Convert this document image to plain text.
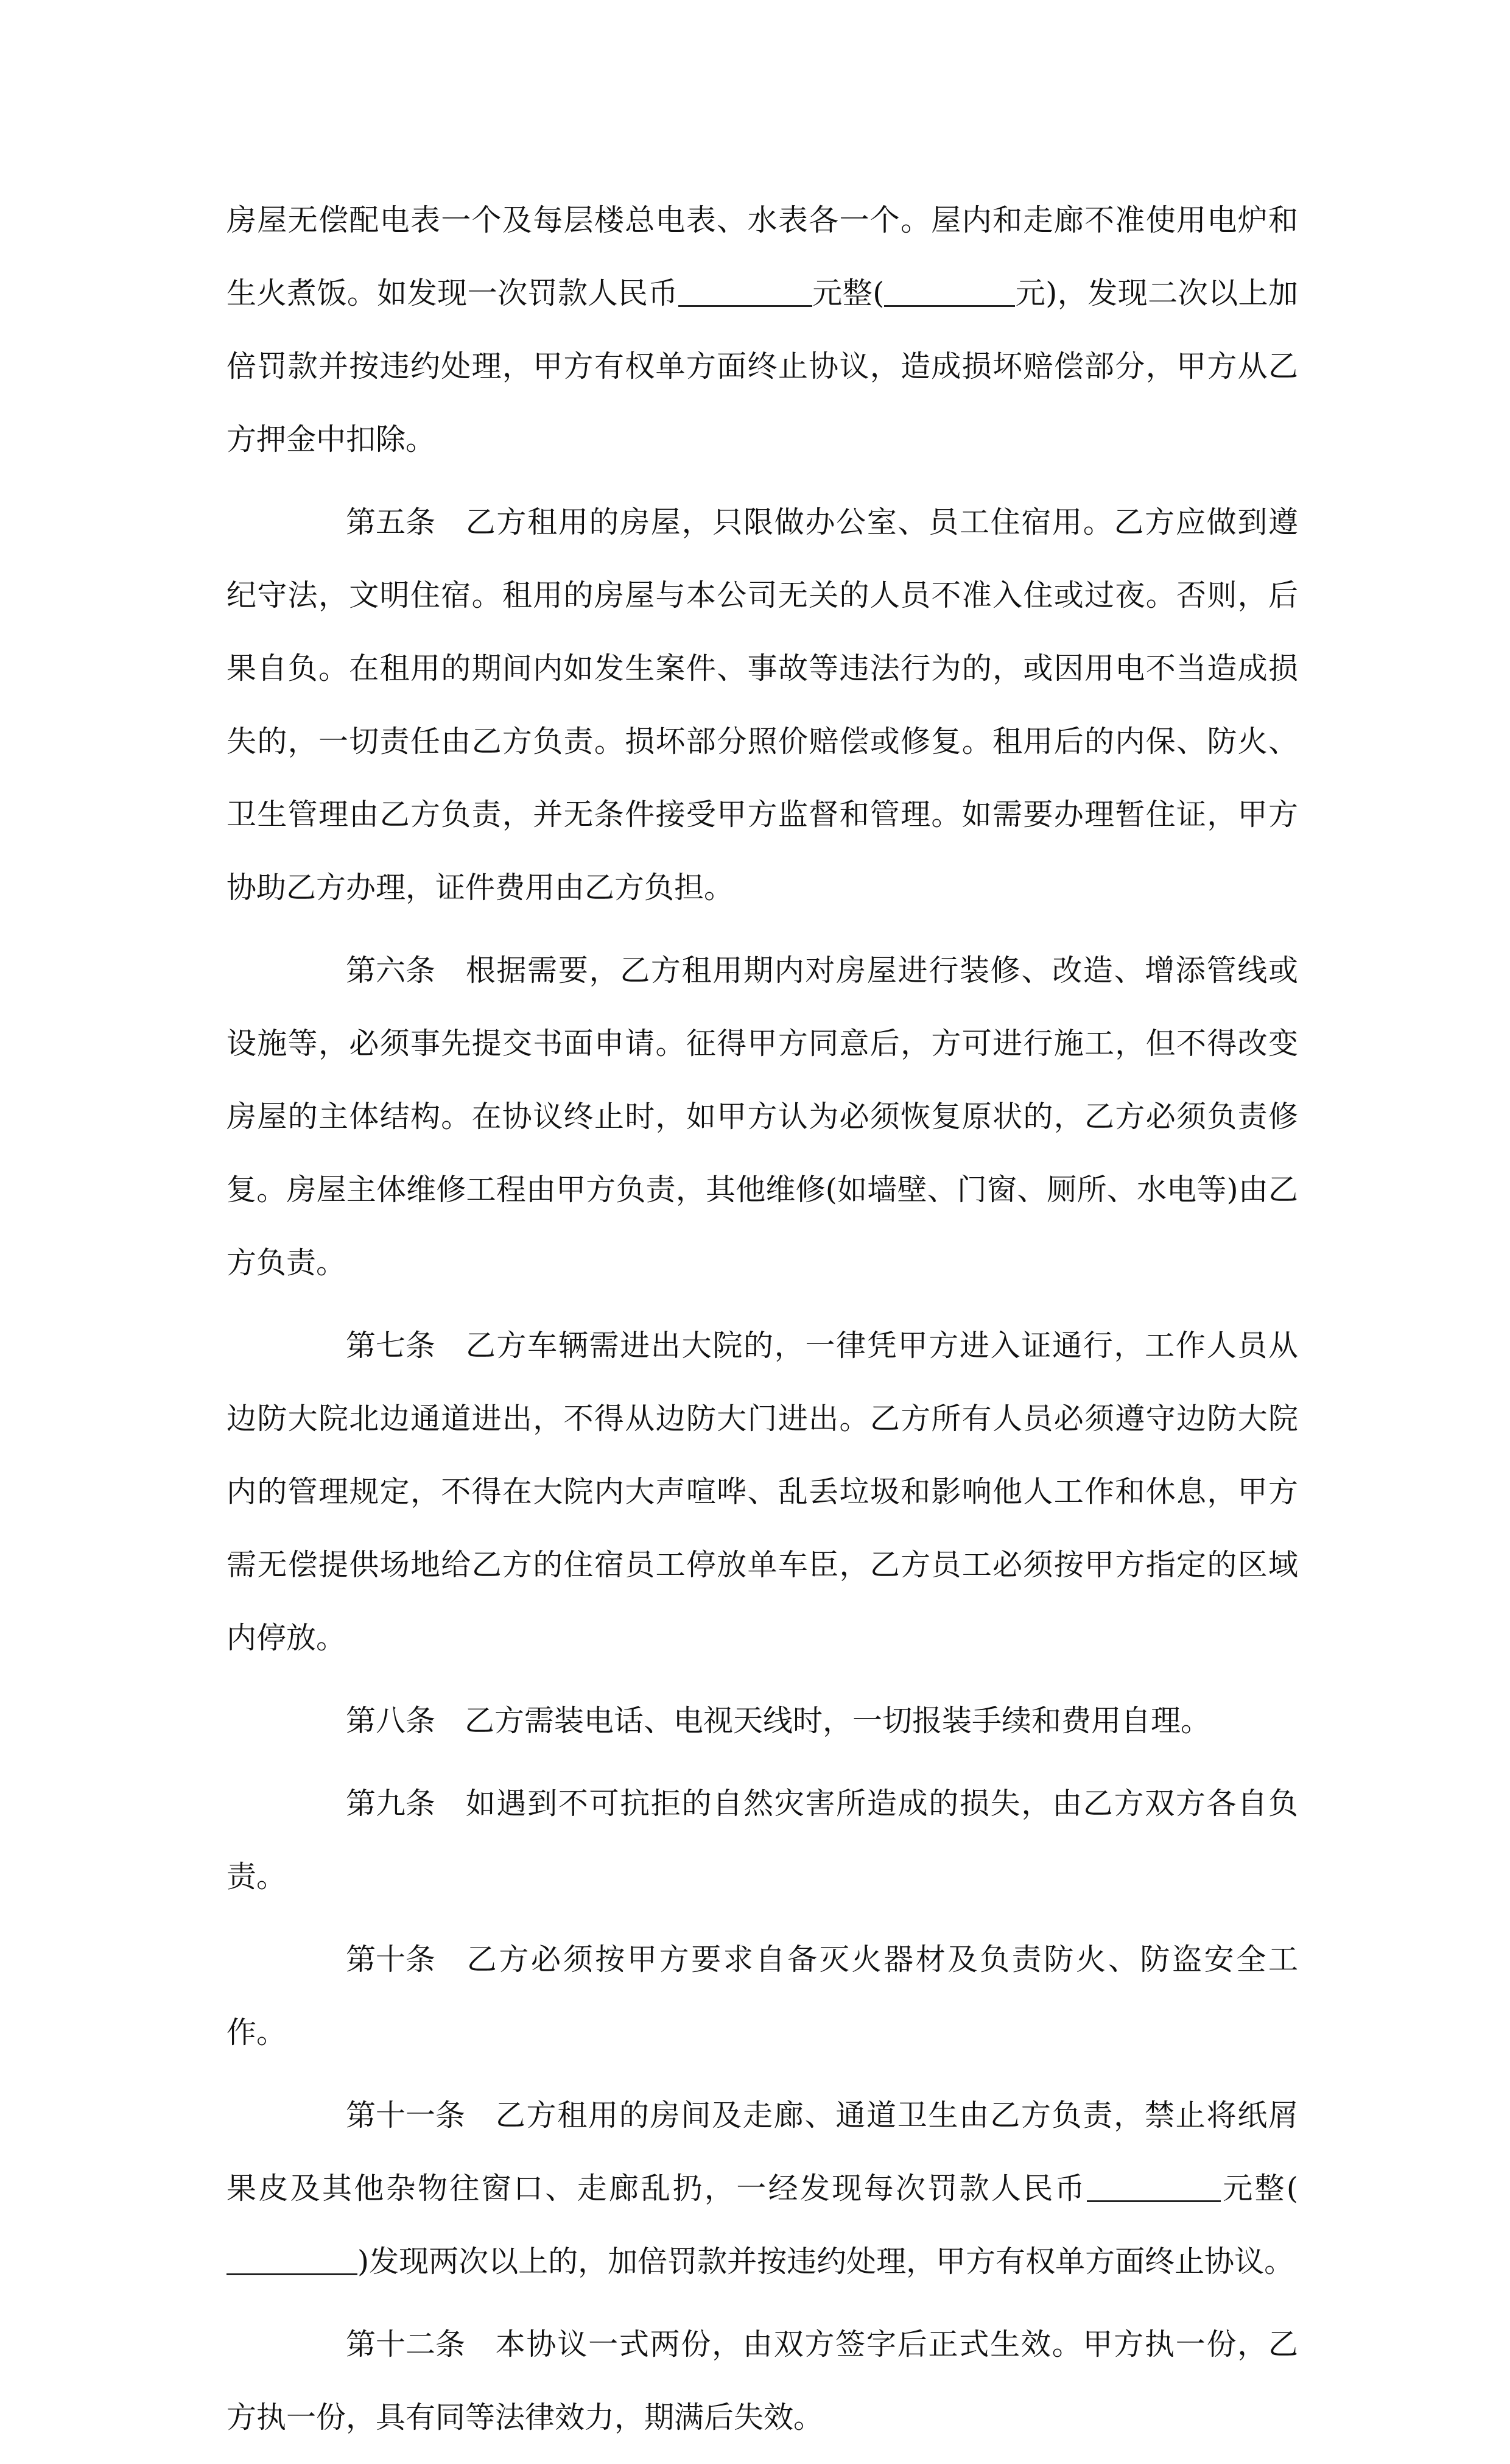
房屋无偿配电表一个及每层楼总电表、水表各一个。屋内和走廊不准使用电炉和生火煮饭。如发现一次罚款人民币	元整(	元)，发现二次以上加倍罚款并按违约处理，甲方有权单方面终止协议，造成损坏赔偿部分，甲方从乙方押金中扣除。

第五条 乙方租用的房屋，只限做办公室、员工住宿用。乙方应做到遵纪守法，文明住宿。租用的房屋与本公司无关的人员不准入住或过夜。否则，后果自负。在租用的期间内如发生案件、事故等违法行为的，或因用电不当造成损失的，一切责任由乙方负责。损坏部分照价赔偿或修复。租用后的内保、防火、卫生管理由乙方负责，并无条件接受甲方监督和管理。如需要办理暂住证，甲方协助乙方办理，证件费用由乙方负担。

第六条 根据需要，乙方租用期内对房屋进行装修、改造、增添管线或设施等，必须事先提交书面申请。征得甲方同意后，方可进行施工，但不得改变房屋的主体结构。在协议终止时，如甲方认为必须恢复原状的，乙方必须负责修复。房屋主体维修工程由甲方负责，其他维修(如墙壁、门窗、厕所、水电等)由乙方负责。

第七条 乙方车辆需进出大院的，一律凭甲方进入证通行，工作人员从边防大院北边通道进出，不得从边防大门进出。乙方所有人员必须遵守边防大院内的管理规定，不得在大院内大声喧哗、乱丢垃圾和影响他人工作和休息，甲方需无偿提供场地给乙方的住宿员工停放单车臣，乙方员工必须按甲方指定的区域内停放。

第八条 乙方需装电话、电视天线时，一切报装手续和费用自理。

第九条 如遇到不可抗拒的自然灾害所造成的损失，由乙方双方各自负责。

第十条 乙方必须按甲方要求自备灭火器材及负责防火、防盗安全工作。

第十一条 乙方租用的房间及走廊、通道卫生由乙方负责，禁止将纸屑果皮及其他杂物往窗口、走廊乱扔，一经发现每次罚款人民币	元整()发现两次以上的，加倍罚款并按违约处理，甲方有权单方面终止协议。

第十二条 本协议一式两份，由双方签字后正式生效。甲方执一份，乙方执一份，具有同等法律效力，期满后失效。
